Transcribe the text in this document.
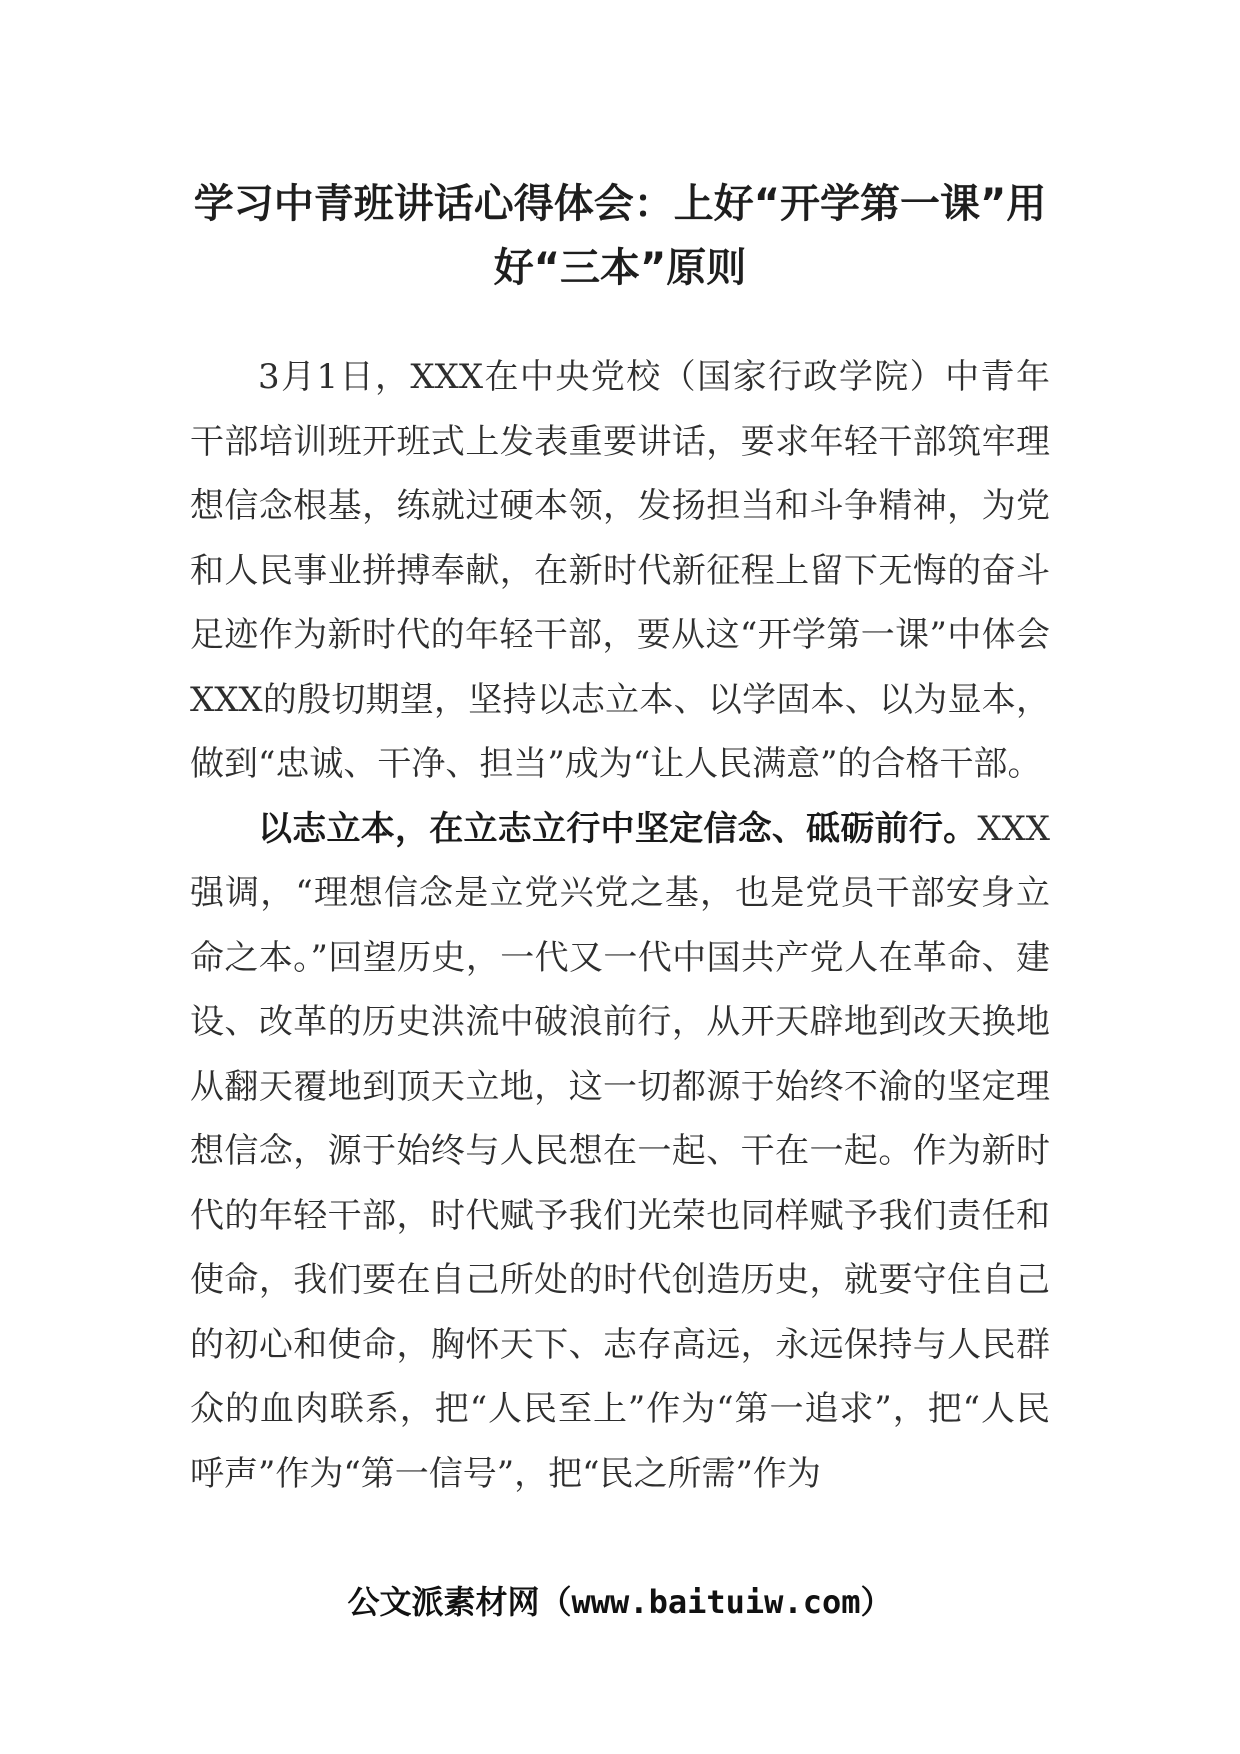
学习中青班讲话心得体会：上好“开学第一课”用好“三本”原则

3月1日，XXX在中央党校（国家行政学院）中青年干部培训班开班式上发表重要讲话，要求年轻干部筑牢理想信念根基，练就过硬本领，发扬担当和斗争精神，为党和人民事业拼搏奉献，在新时代新征程上留下无悔的奋斗足迹作为新时代的年轻干部，要从这“开学第一课”中体会XXX的殷切期望，坚持以志立本、以学固本、以为显本，做到“忠诚、干净、担当”成为“让人民满意”的合格干部。

以志立本，在立志立行中坚定信念、砥砺前行。XXX强调，“理想信念是立党兴党之基，也是党员干部安身立命之本。”回望历史，一代又一代中国共产党人在革命、建设、改革的历史洪流中破浪前行，从开天辟地到改天换地从翻天覆地到顶天立地，这一切都源于始终不渝的坚定理想信念，源于始终与人民想在一起、干在一起。作为新时代的年轻干部，时代赋予我们光荣也同样赋予我们责任和使命，我们要在自己所处的时代创造历史，就要守住自己的初心和使命，胸怀天下、志存高远，永远保持与人民群众的血肉联系，把“人民至上”作为“第一追求”，把“人民呼声”作为“第一信号”，把“民之所需”作为

公文派素材网（www.baituiw.com）
